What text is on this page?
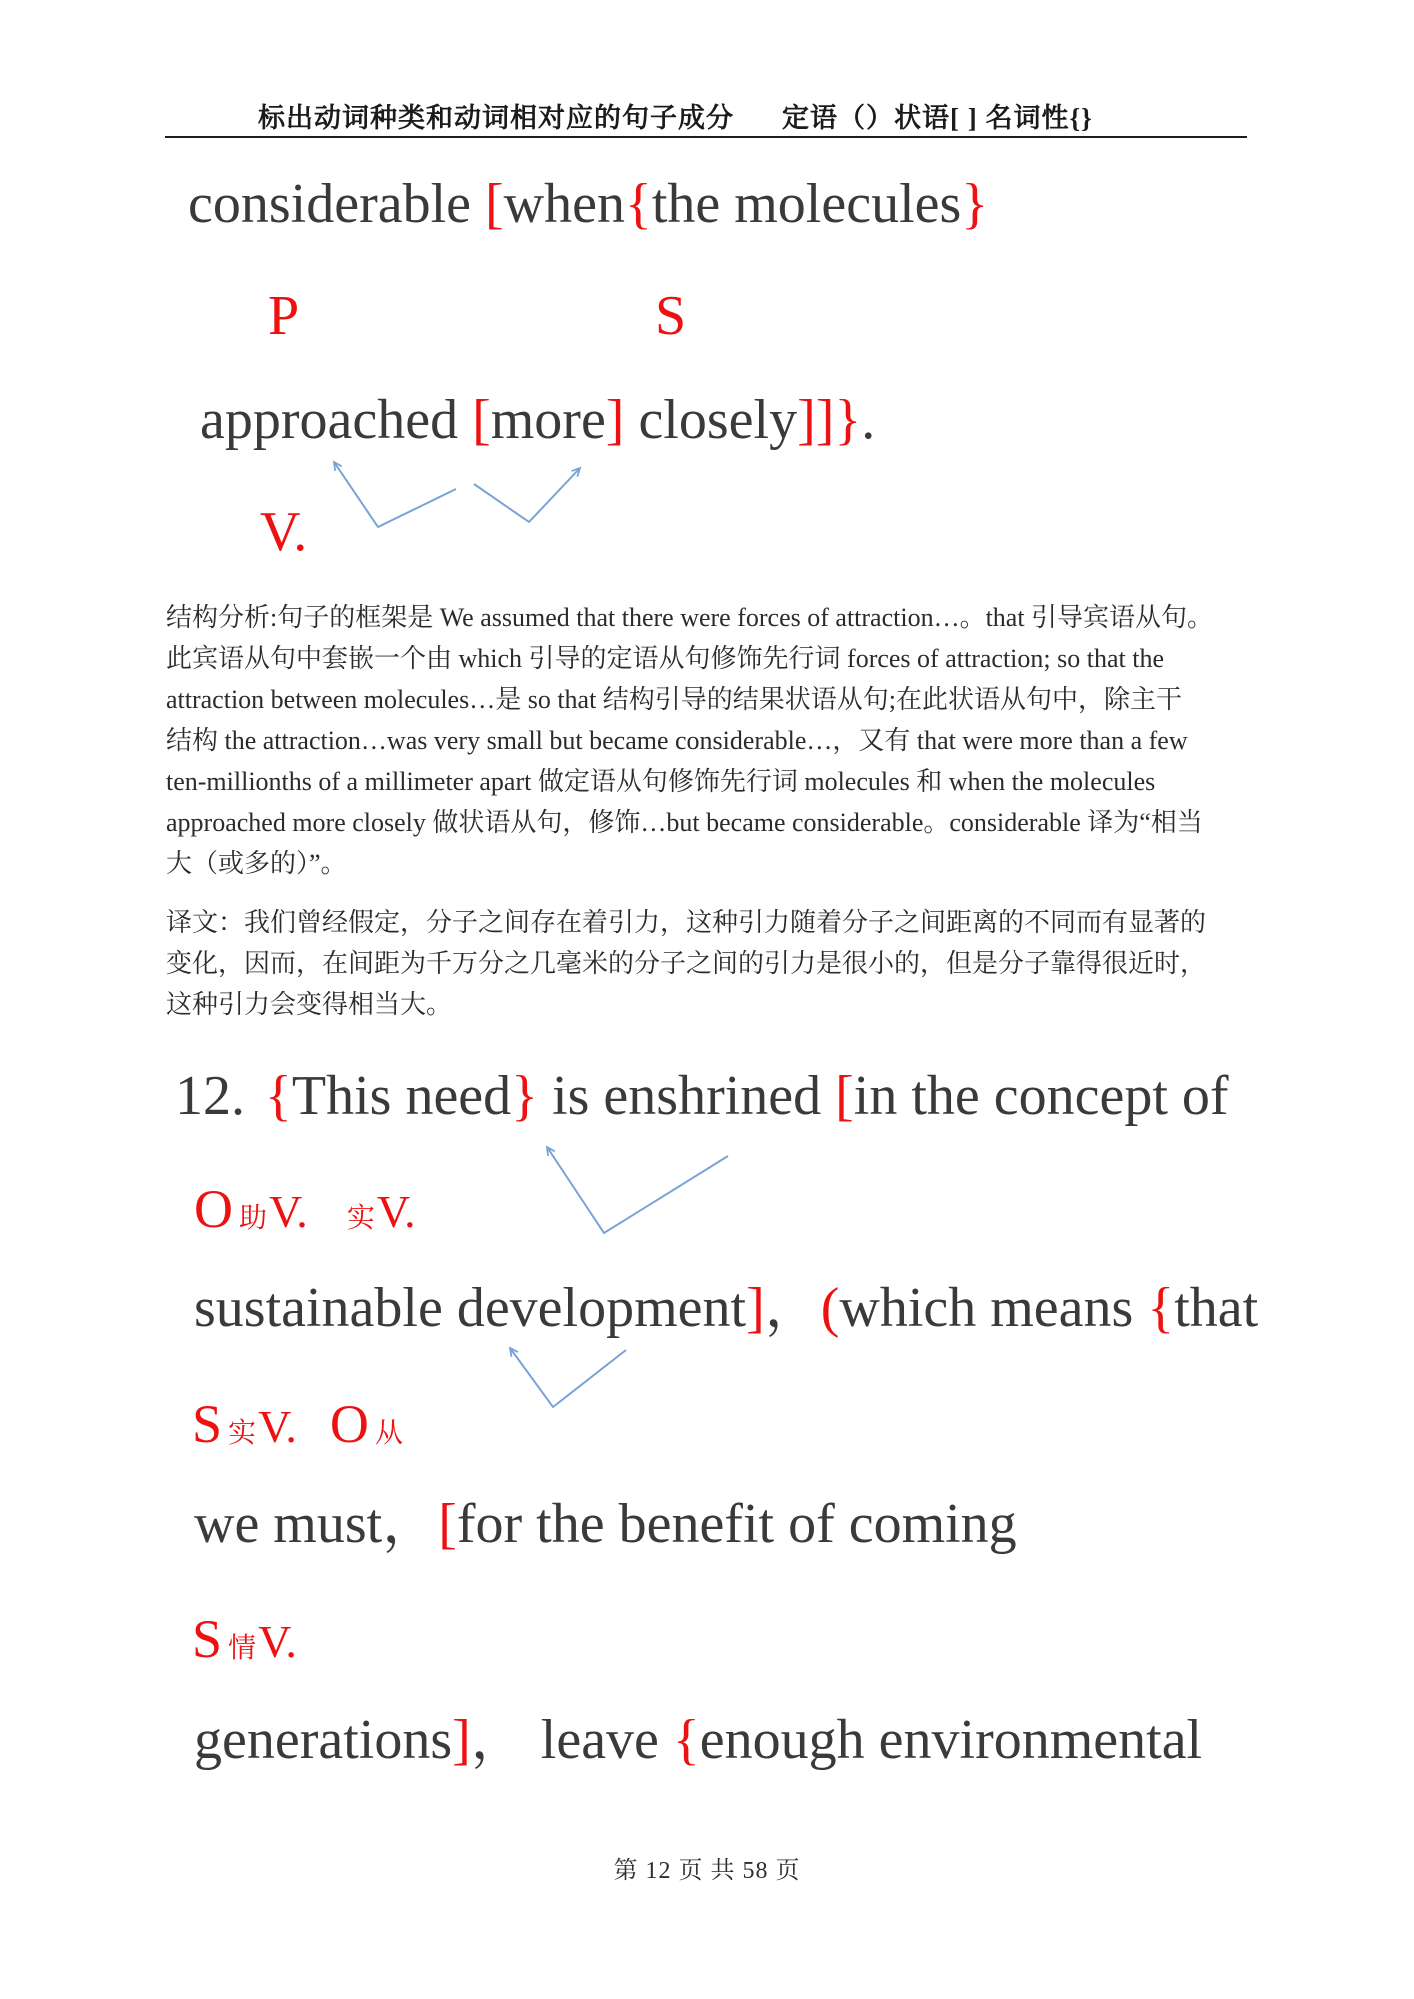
标出动词种类和动词相对应的句子成分 定语（）状语[ ] 名词性{}
considerable [when{the molecules}
P	S
approached [more] closely]]}.
V.
结构分析:句子的框架是 We assumed that there were forces of attraction…。that 引导宾语从句。
此宾语从句中套嵌一个由 which 引导的定语从句修饰先行词 forces of attraction; so that the
attraction between molecules…是 so that 结构引导的结果状语从句;在此状语从句中，除主干
结构 the attraction…was very small but became considerable…，又有 that were more than a few
ten-millionths of a millimeter apart 做定语从句修饰先行词 molecules 和 when the molecules
approached more closely 做状语从句，修饰…but became considerable。considerable 译为“相当
大（或多的）”。
译文：我们曾经假定，分子之间存在着引力，这种引力随着分子之间距离的不同而有显著的
变化，因而，在间距为千万分之几毫米的分子之间的引力是很小的，但是分子靠得很近时，
这种引力会变得相当大。
12. {This need} is enshrined [in the concept of
O助V. 实V.
sustainable development]，(which means {that
S实V. O 从
we must，[for the benefit of coming
S情V.
generations]， leave {enough environmental
第 12 页 共 58 页
